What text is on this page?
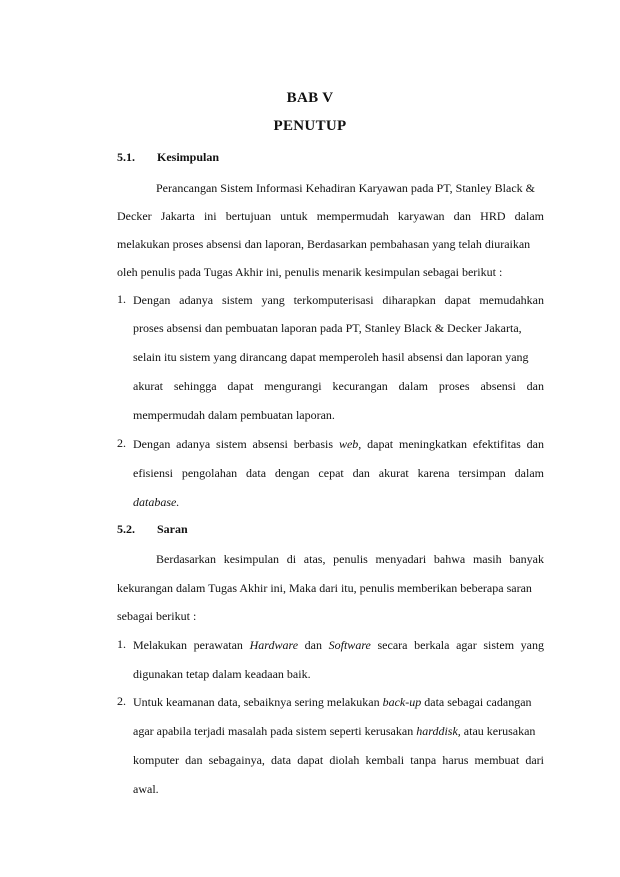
BAB V
PENUTUP
5.1. Kesimpulan
Perancangan Sistem Informasi Kehadiran Karyawan pada PT, Stanley Black &
Decker Jakarta ini bertujuan untuk mempermudah karyawan dan HRD dalam
melakukan proses absensi dan laporan, Berdasarkan pembahasan yang telah diuraikan
oleh penulis pada Tugas Akhir ini, penulis menarik kesimpulan sebagai berikut :
1. Dengan adanya sistem yang terkomputerisasi diharapkan dapat memudahkan
proses absensi dan pembuatan laporan pada PT, Stanley Black & Decker Jakarta,
selain itu sistem yang dirancang dapat memperoleh hasil absensi dan laporan yang
akurat sehingga dapat mengurangi kecurangan dalam proses absensi dan
mempermudah dalam pembuatan laporan.
2. Dengan adanya sistem absensi berbasis web, dapat meningkatkan efektifitas dan
efisiensi pengolahan data dengan cepat dan akurat karena tersimpan dalam
database.
5.2. Saran
Berdasarkan kesimpulan di atas, penulis menyadari bahwa masih banyak
kekurangan dalam Tugas Akhir ini, Maka dari itu, penulis memberikan beberapa saran
sebagai berikut :
1. Melakukan perawatan Hardware dan Software secara berkala agar sistem yang
digunakan tetap dalam keadaan baik.
2. Untuk keamanan data, sebaiknya sering melakukan back-up data sebagai cadangan
agar apabila terjadi masalah pada sistem seperti kerusakan harddisk, atau kerusakan
komputer dan sebagainya, data dapat diolah kembali tanpa harus membuat dari
awal.
